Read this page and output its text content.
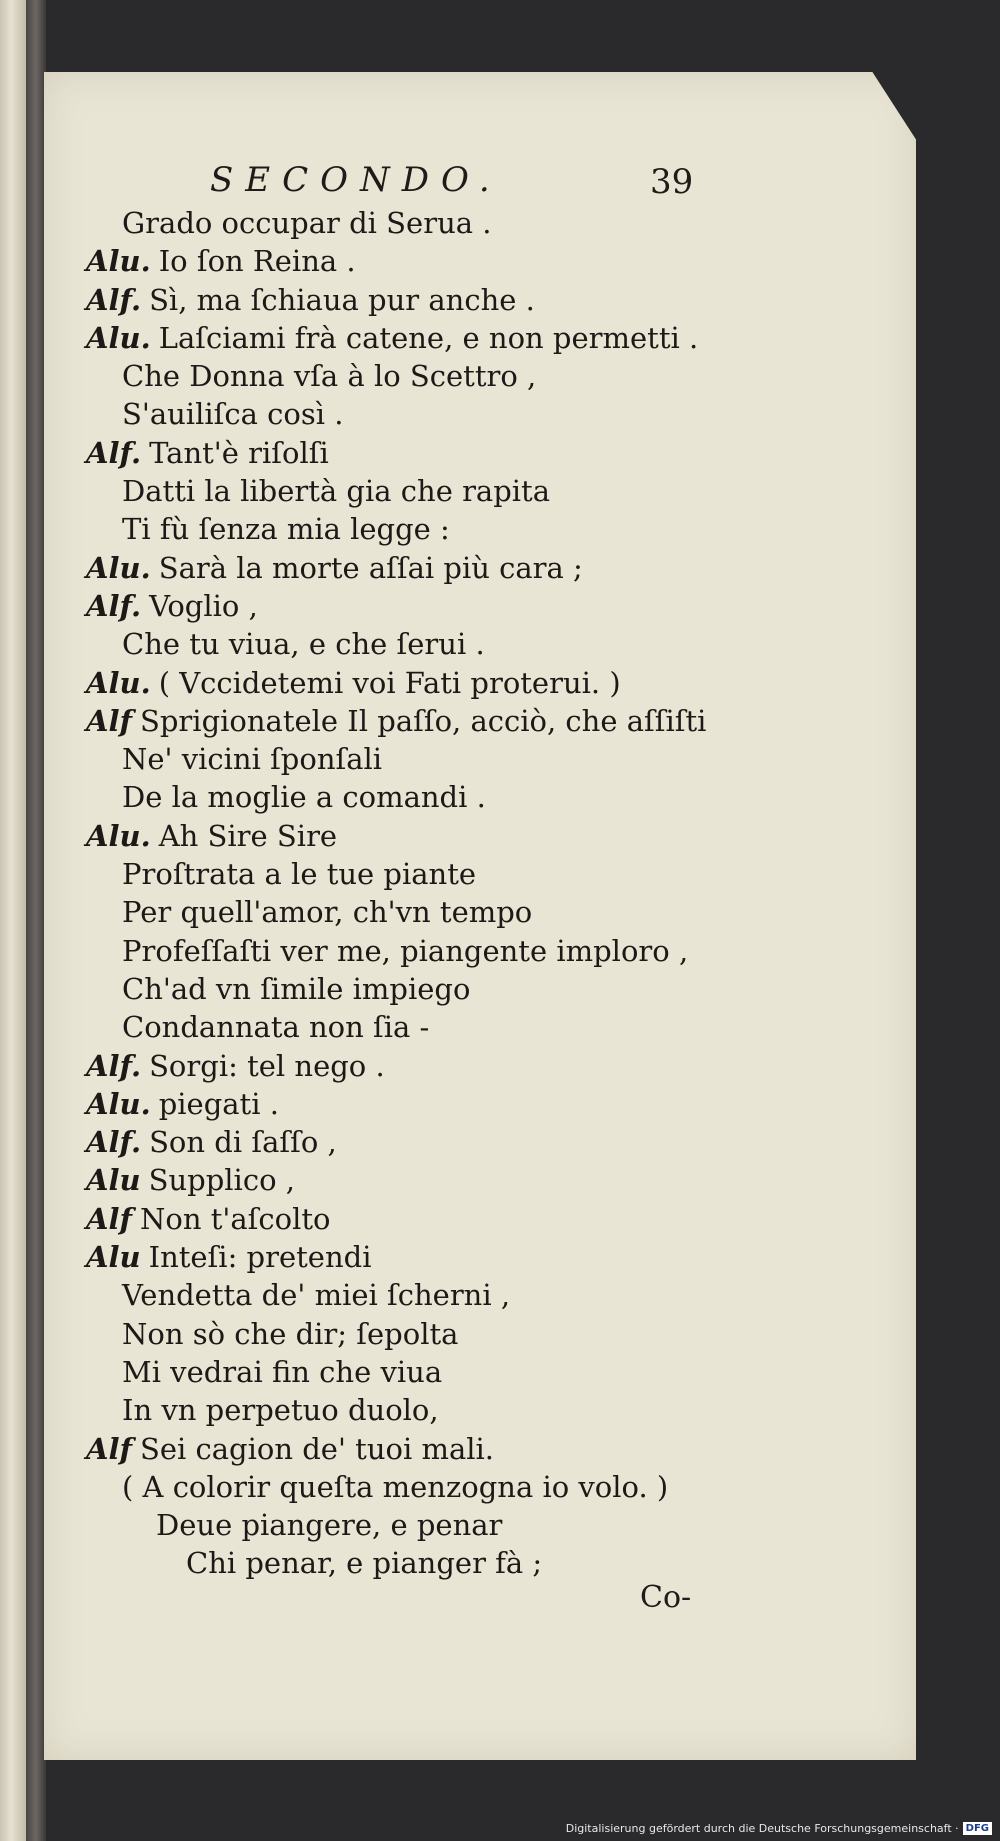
SECONDO.	39
Grado occupar di Serua .
Alu. Io ſon Reina .
Alf. Sì, ma ſchiaua pur anche .
Alu. Laſciami frà catene, e non permetti .
Che Donna vſa à lo Scettro ,
S'auiliſca così .
Alf. Tant'è riſolſi
Datti la libertà gia che rapita
Ti fù ſenza mia legge :
Alu. Sarà la morte aſſai più cara ;
Alf. Voglio ,
Che tu viua, e che ſerui .
Alu. ( Vccidetemi voi Fati proterui. )
Alf Sprigionatele Il paſſo, acciò, che aſſiſti
Ne' vicini ſponſali
De la moglie a comandi .
Alu. Ah Sire Sire
Proſtrata a le tue piante
Per quell'amor, ch'vn tempo
Profeſſaſti ver me, piangente imploro ,
Ch'ad vn ſimile impiego
Condannata non ſia -
Alf. Sorgi: tel nego .
Alu. piegati .
Alf. Son di ſaſſo ,
Alu Supplico ,
Alf Non t'aſcolto
Alu Inteſi: pretendi
Vendetta de' miei ſcherni ,
Non sò che dir; ſepolta
Mi vedrai fin che viua
In vn perpetuo duolo,
Alf Sei cagion de' tuoi mali.
( A colorir queſta menzogna io volo. )
Deue piangere, e penar
Chi penar, e pianger fà ;
Co-
Digitalisierung gefördert durch die Deutsche Forschungsgemeinschaft · DFG
